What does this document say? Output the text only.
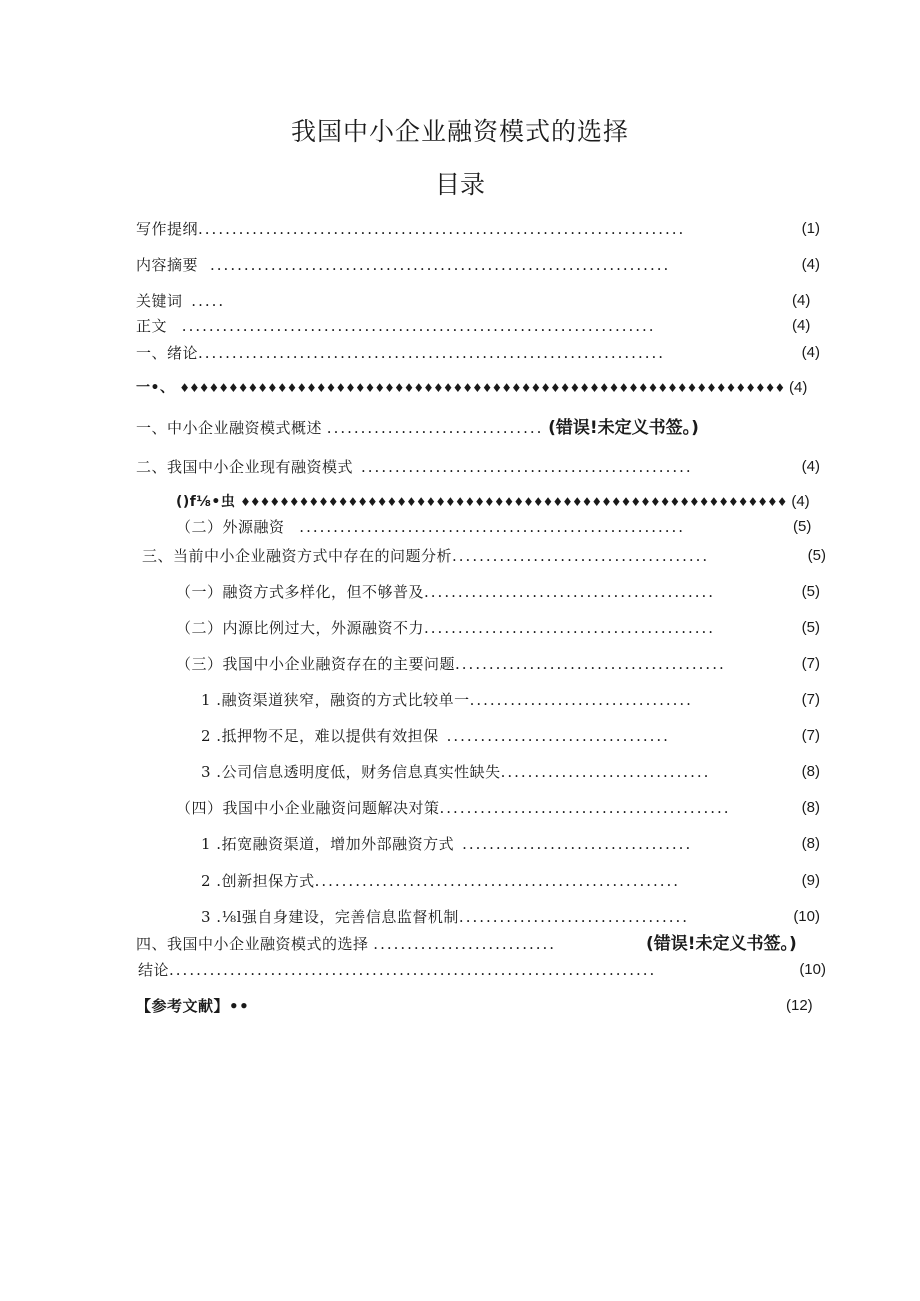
我国中小企业融资模式的选择
目录
写作提纲 ........................................................................	(1)
内容摘要 ....................................................................	(4)
关键词 .....	(4)
正文 ......................................................................	(4)
一、绪论 .....................................................................	(4)
一•、 ♦♦♦♦♦♦♦♦♦♦♦♦♦♦♦♦♦♦♦♦♦♦♦♦♦♦♦♦♦♦♦♦♦♦♦♦♦♦♦♦♦♦♦♦♦♦♦♦♦♦♦♦♦♦♦♦♦♦♦♦♦♦ (4)
一、中小企业融资模式概述 ................................ (错误!未定义书签。)
二、我国中小企业现有融资模式 .................................................	(4)
()f⅛•虫 ♦♦♦♦♦♦♦♦♦♦♦♦♦♦♦♦♦♦♦♦♦♦♦♦♦♦♦♦♦♦♦♦♦♦♦♦♦♦♦♦♦♦♦♦♦♦♦♦♦♦♦♦♦♦♦♦ (4)
（二）外源融资 .........................................................	(5)
三、当前中小企业融资方式中存在的问题分析 ......................................	(5)
（一）融资方式多样化，但不够普及 ...........................................	(5)
（二）内源比例过大，外源融资不力 ...........................................	(5)
（三）我国中小企业融资存在的主要问题 ........................................	(7)
1 .融资渠道狭窄，融资的方式比较单一 .................................	(7)
2 .抵押物不足，难以提供有效担保 .................................	(7)
3 .公司信息透明度低，财务信息真实性缺失 ...............................	(8)
（四）我国中小企业融资问题解决对策 ...........................................	(8)
1 .拓宽融资渠道，增加外部融资方式 ..................................	(8)
2 .创新担保方式 ......................................................	(9)
3 .⅛l强自身建设，完善信息监督机制 ..................................	(10)
四、我国中小企业融资模式的选择 ...........................	(错误!未定义书签。)
结论 ........................................................................	(10)
【参考文献】••	(12)
